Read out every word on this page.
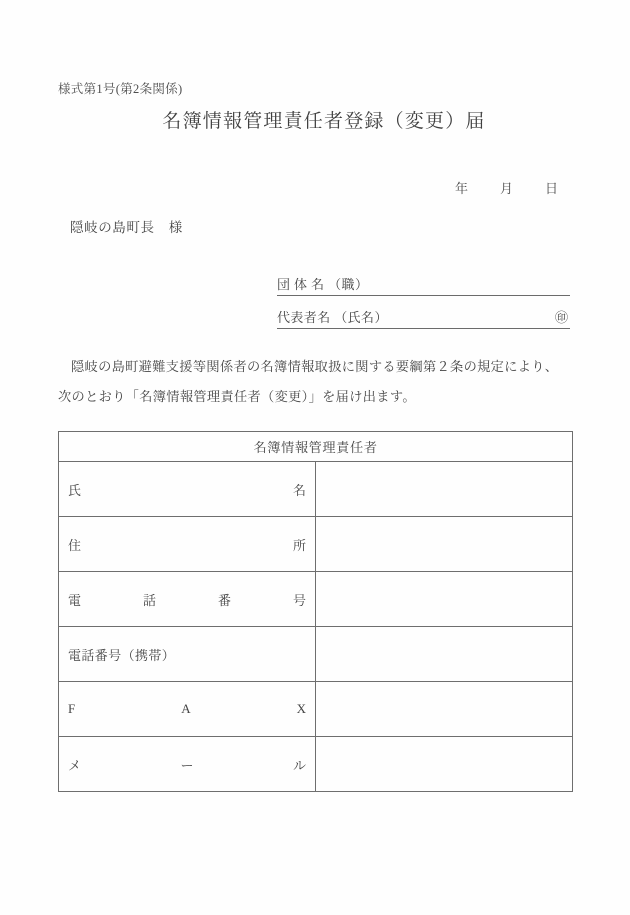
様式第1号(第2条関係)
名簿情報管理責任者登録（変更）届

年 月 日

隠岐の島町長　様
団 体 名 （職）
代表者名 （氏名）	㊞
隠岐の島町避難支援等関係者の名簿情報取扱に関する要綱第２条の規定により、
次のとおり「名簿情報管理責任者（変更）」を届け出ます。
名簿情報管理責任者	

氏 名	

住 所	

電 話 番 号	

電話番号（携帯）	

F A X	

メ ー ル	
